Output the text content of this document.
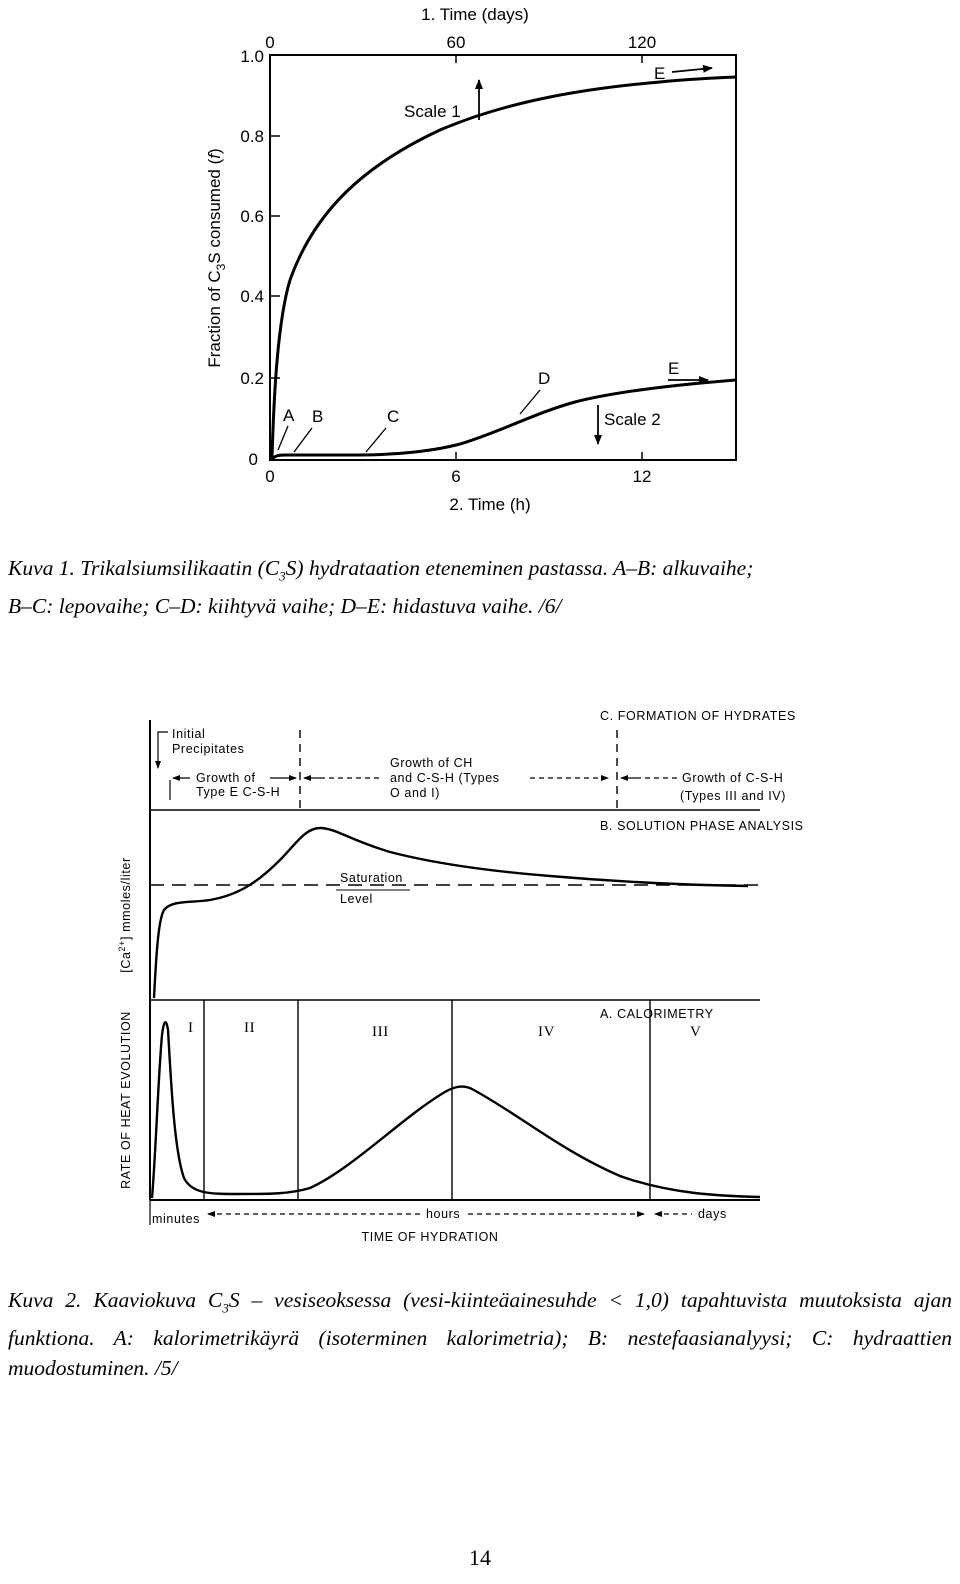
1. Time (days)
0	60	120
1.0
0.8
0.6
0.4
0.2
0
Fraction of $C_3S$ consumed (f)
0	6	12
2. Time (h)
Scale 1
E
A B	C
D
E
Scale 2

Kuva 1. Trikalsiumsilikaatin $(C_3S)$ hydrataation eteneminen pastassa. A–B: alkuvaihe;
B–C: lepovaihe; C–D: kiihtyvä vaihe; D–E: hidastuva vaihe. /6/

C. FORMATION OF HYDRATES
B. SOLUTION PHASE ANALYSIS
A. CALORIMETRY
Initial
Precipitates
Growth of
Type E C-S-H
Growth of CH
and C-S-H (Types
O and I)
Growth of C-S-H
(Types III and IV)
Saturation
Level
I	II	III	IV	V
$[Ca^{2+}]$ mmoles/liter
RATE OF HEAT EVOLUTION
minutes	hours	days
TIME OF HYDRATION

Kuva 2. Kaaviokuva $C_3S$ – vesiseoksessa (vesi-kiinteäainesuhde < 1,0) tapahtuvista muutoksista ajan funktiona. A: kalorimetrikäyrä (isoterminen kalorimetria); B: nestefaasianalyysi; C: hydraattien muodostuminen. /5/

14
